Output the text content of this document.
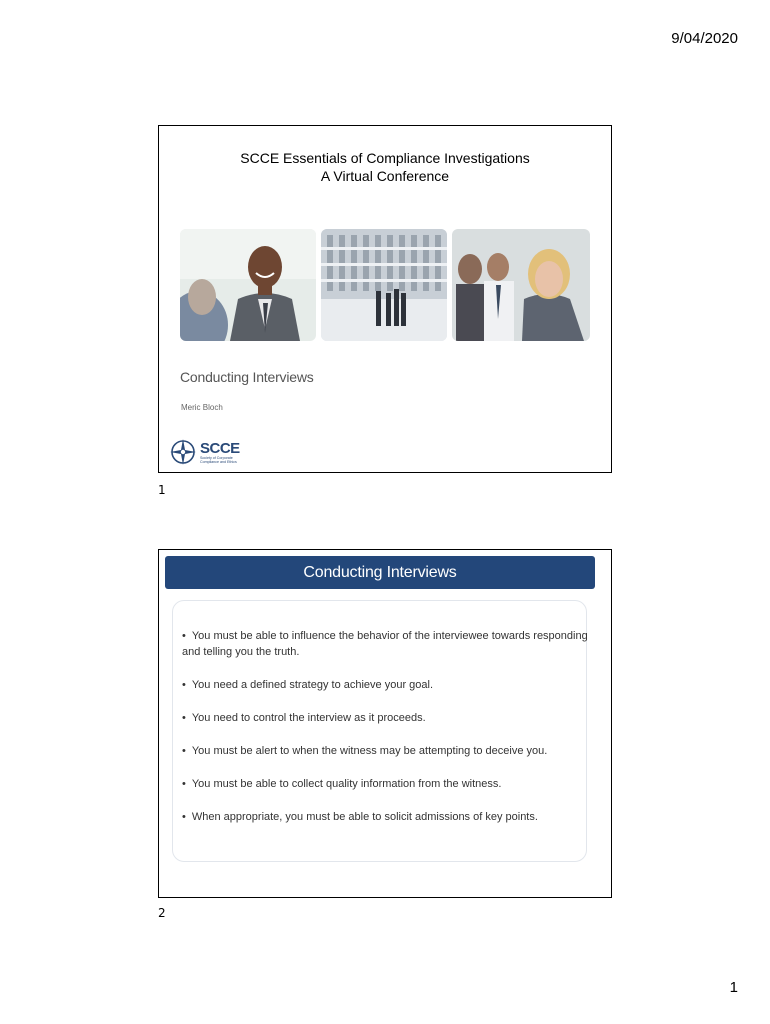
9/04/2020
SCCE Essentials of Compliance Investigations
A Virtual Conference
Conducting Interviews
Meric Bloch
SCCE
Society of Corporate
Compliance and Ethics
1
Conducting Interviews
• You must be able to influence the behavior of the interviewee towards responding and telling you the truth.
• You need a defined strategy to achieve your goal.
• You need to control the interview as it proceeds.
• You must be alert to when the witness may be attempting to deceive you.
• You must be able to collect quality information from the witness.
• When appropriate, you must be able to solicit admissions of key points.
2
1
